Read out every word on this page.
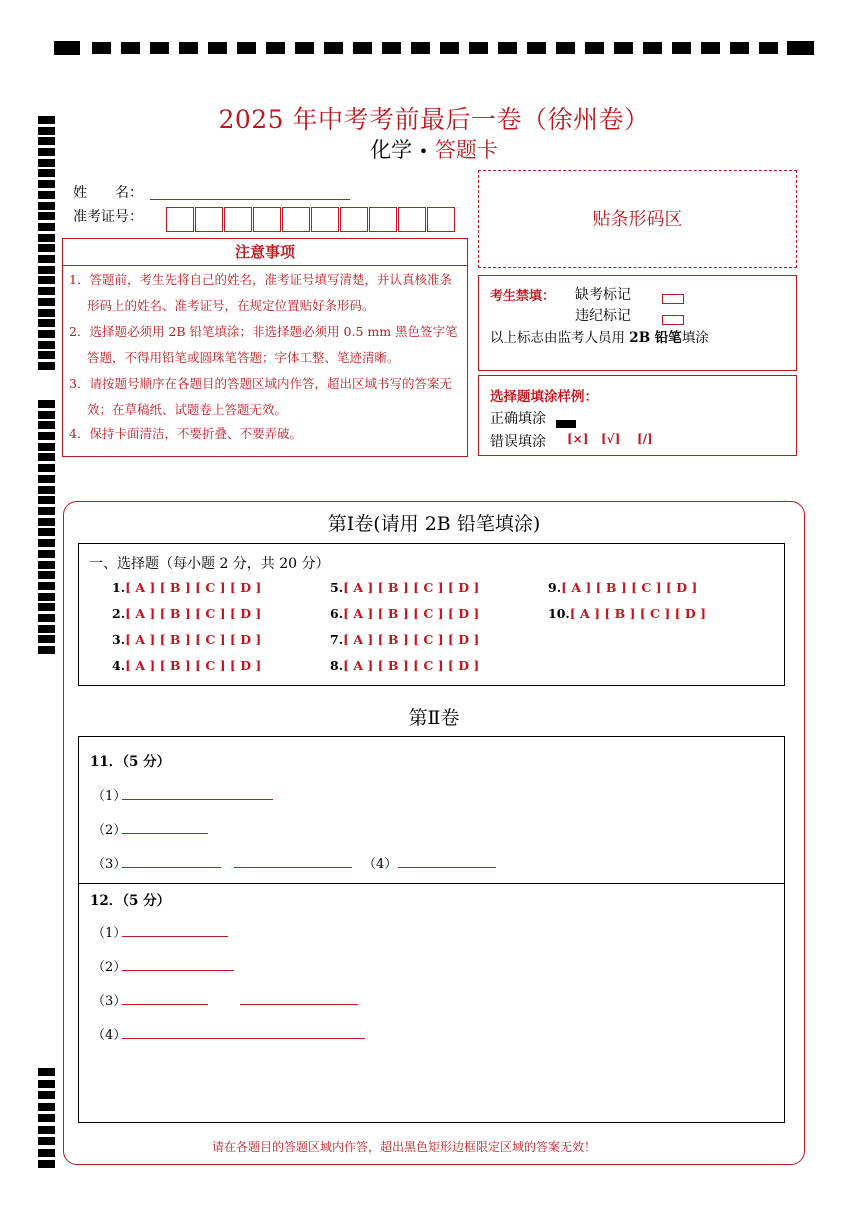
2025 年中考考前最后一卷（徐州卷）
化学 • 答题卡
姓　　名：
准考证号：	贴条形码区
注意事项
1．答题前，考生先将自己的姓名，准考证号填写清楚，并认真核准条
形码上的姓名、准考证号，在规定位置贴好条形码。
2．选择题必须用 2B 铅笔填涂；非选择题必须用 0.5 mm 黑色签字笔
答题，不得用铅笔或圆珠笔答题；字体工整、笔迹清晰。
3．请按题号顺序在各题目的答题区域内作答，超出区域书写的答案无
效；在草稿纸、试题卷上答题无效。
4．保持卡面清洁，不要折叠、不要弄破。
考生禁填： 缺考标记
违纪标记
以上标志由监考人员用 2B 铅笔填涂
选择题填涂样例：
正确填涂
错误填涂 [×] [√] [/]
第Ⅰ卷(请用 2B 铅笔填涂)
一、选择题（每小题 2 分，共 20 分）
1.[ A ] [ B ] [ C ] [ D ]
2.[ A ] [ B ] [ C ] [ D ]
3.[ A ] [ B ] [ C ] [ D ]
4.[ A ] [ B ] [ C ] [ D ]
5.[ A ] [ B ] [ C ] [ D ]
6.[ A ] [ B ] [ C ] [ D ]
7.[ A ] [ B ] [ C ] [ D ]
8.[ A ] [ B ] [ C ] [ D ]
9.[ A ] [ B ] [ C ] [ D ]
10.[ A ] [ B ] [ C ] [ D ]
第Ⅱ卷
11．（5 分）
（1）
（2）
（3）	（4）
12．（5 分）
（1）
（2）
（3）
（4）
请在各题目的答题区域内作答，超出黑色矩形边框限定区域的答案无效！
